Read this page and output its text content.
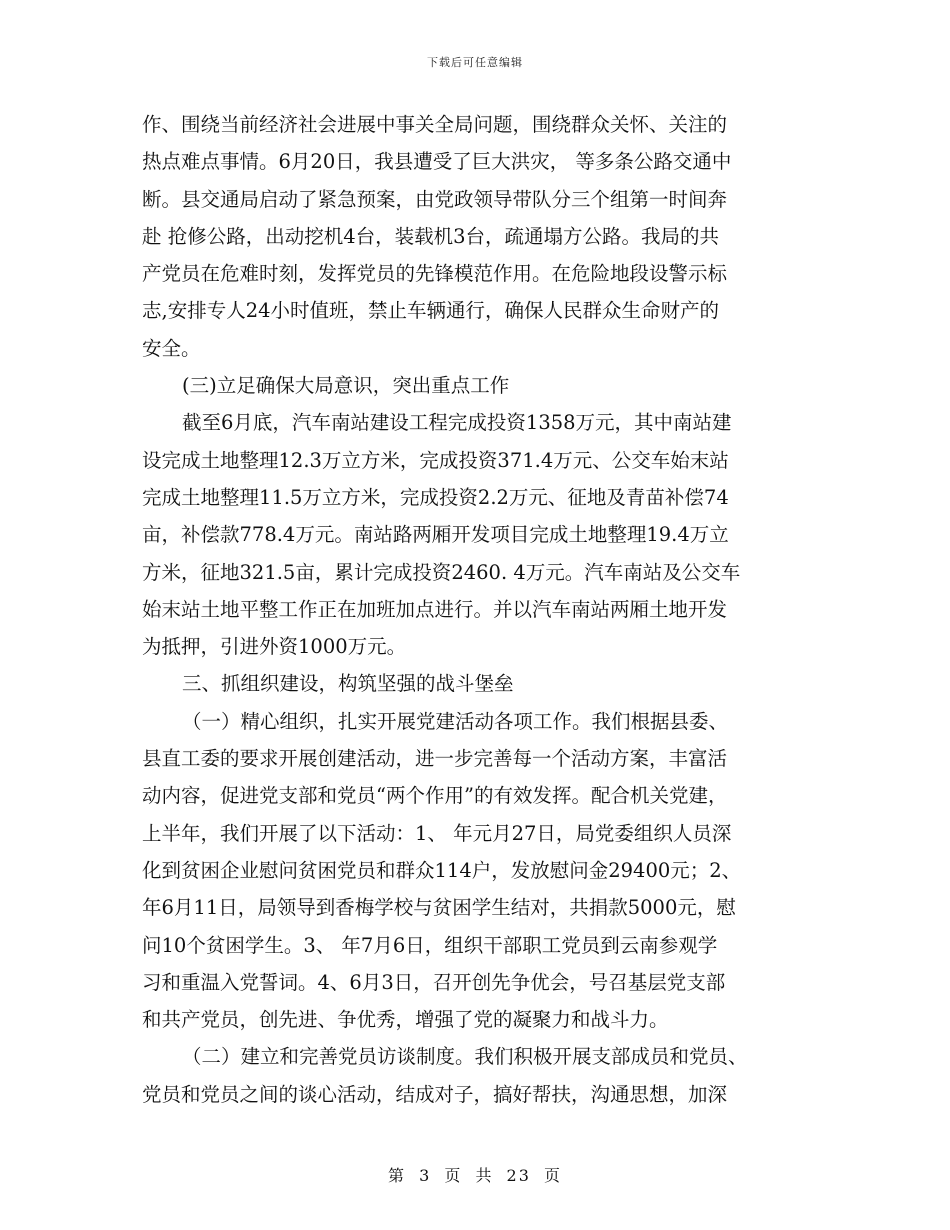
下载后可任意编辑
作、围绕当前经济社会进展中事关全局问题，围绕群众关怀、关注的
热点难点事情。6月20日，我县遭受了巨大洪灾， 等多条公路交通中
断。县交通局启动了紧急预案，由党政领导带队分三个组第一时间奔
赴 抢修公路，出动挖机4台，装载机3台，疏通塌方公路。我局的共
产党员在危难时刻，发挥党员的先锋模范作用。在危险地段设警示标
志,安排专人24小时值班，禁止车辆通行，确保人民群众生命财产的
安全。
(三)立足确保大局意识，突出重点工作
截至6月底，汽车南站建设工程完成投资1358万元，其中南站建
设完成土地整理12.3万立方米，完成投资371.4万元、公交车始末站
完成土地整理11.5万立方米，完成投资2.2万元、征地及青苗补偿74
亩，补偿款778.4万元。南站路两厢开发项目完成土地整理19.4万立
方米，征地321.5亩，累计完成投资2460. 4万元。汽车南站及公交车
始末站土地平整工作正在加班加点进行。并以汽车南站两厢土地开发
为抵押，引进外资1000万元。
三、抓组织建设，构筑坚强的战斗堡垒
（一）精心组织，扎实开展党建活动各项工作。我们根据县委、
县直工委的要求开展创建活动，进一步完善每一个活动方案，丰富活
动内容，促进党支部和党员“两个作用”的有效发挥。配合机关党建，
上半年，我们开展了以下活动：1、 年元月27日，局党委组织人员深
化到贫困企业慰问贫困党员和群众114户，发放慰问金29400元；2、
年6月11日，局领导到香梅学校与贫困学生结对，共捐款5000元，慰
问10个贫困学生。3、 年7月6日，组织干部职工党员到云南参观学
习和重温入党誓词。4、6月3日，召开创先争优会，号召基层党支部
和共产党员，创先进、争优秀，增强了党的凝聚力和战斗力。
（二）建立和完善党员访谈制度。我们积极开展支部成员和党员、
党员和党员之间的谈心活动，结成对子，搞好帮扶，沟通思想，加深
第 3 页 共 23 页
